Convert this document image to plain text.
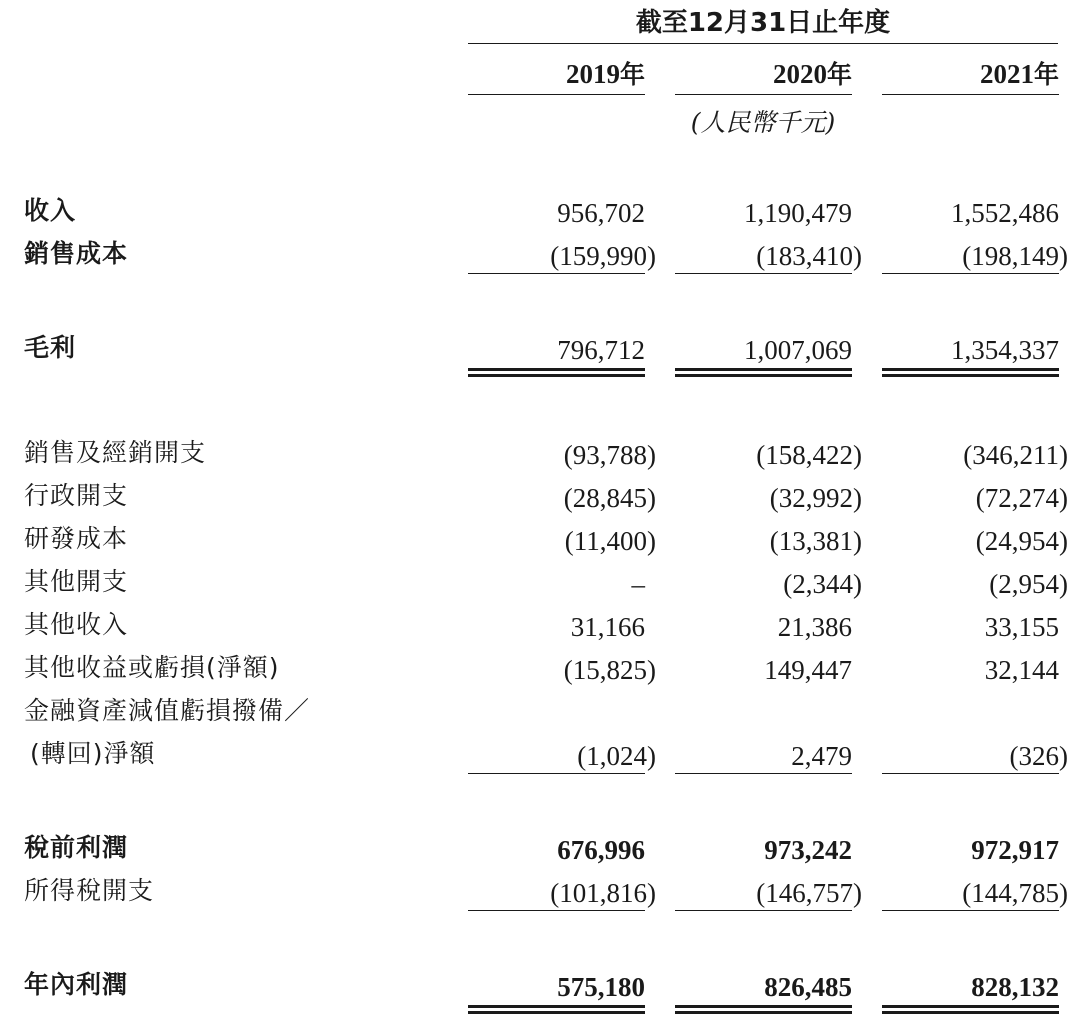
截至12月31日止年度
2019年	2020年	2021年
(人民幣千元)
收入	956,702	1,190,479	1,552,486
銷售成本	(159,990)	(183,410)	(198,149)
毛利	796,712	1,007,069	1,354,337
銷售及經銷開支	(93,788)	(158,422)	(346,211)
行政開支	(28,845)	(32,992)	(72,274)
研發成本	(11,400)	(13,381)	(24,954)
其他開支	–	(2,344)	(2,954)
其他收入	31,166	21,386	33,155
其他收益或虧損(淨額)	(15,825)	149,447	32,144
金融資產減值虧損撥備／
(轉回)淨額	(1,024)	2,479	(326)
稅前利潤	676,996	973,242	972,917
所得稅開支	(101,816)	(146,757)	(144,785)
年內利潤	575,180	826,485	828,132
